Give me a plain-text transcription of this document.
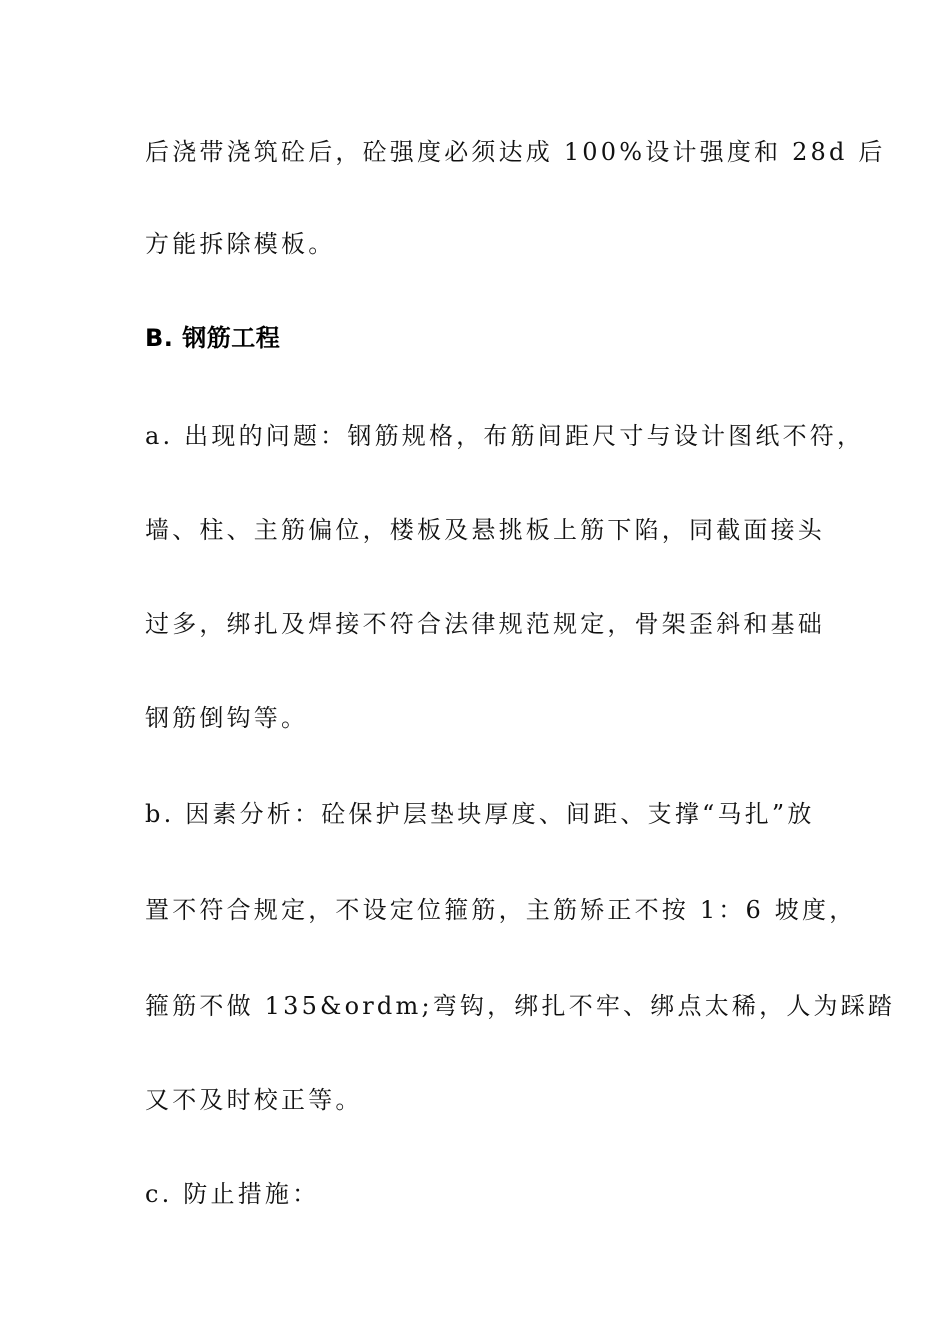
后浇带浇筑砼后，砼强度必须达成 100%设计强度和 28d 后
方能拆除模板。
B. 钢筋工程
a. 出现的问题：钢筋规格，布筋间距尺寸与设计图纸不符，
墙、柱、主筋偏位，楼板及悬挑板上筋下陷，同截面接头
过多，绑扎及焊接不符合法律规范规定，骨架歪斜和基础
钢筋倒钩等。
b. 因素分析：砼保护层垫块厚度、间距、支撑“马扎”放
置不符合规定，不设定位箍筋，主筋矫正不按 1：6 坡度，
箍筋不做 135&ordm;弯钩，绑扎不牢、绑点太稀，人为踩踏
又不及时校正等。
c. 防止措施：
